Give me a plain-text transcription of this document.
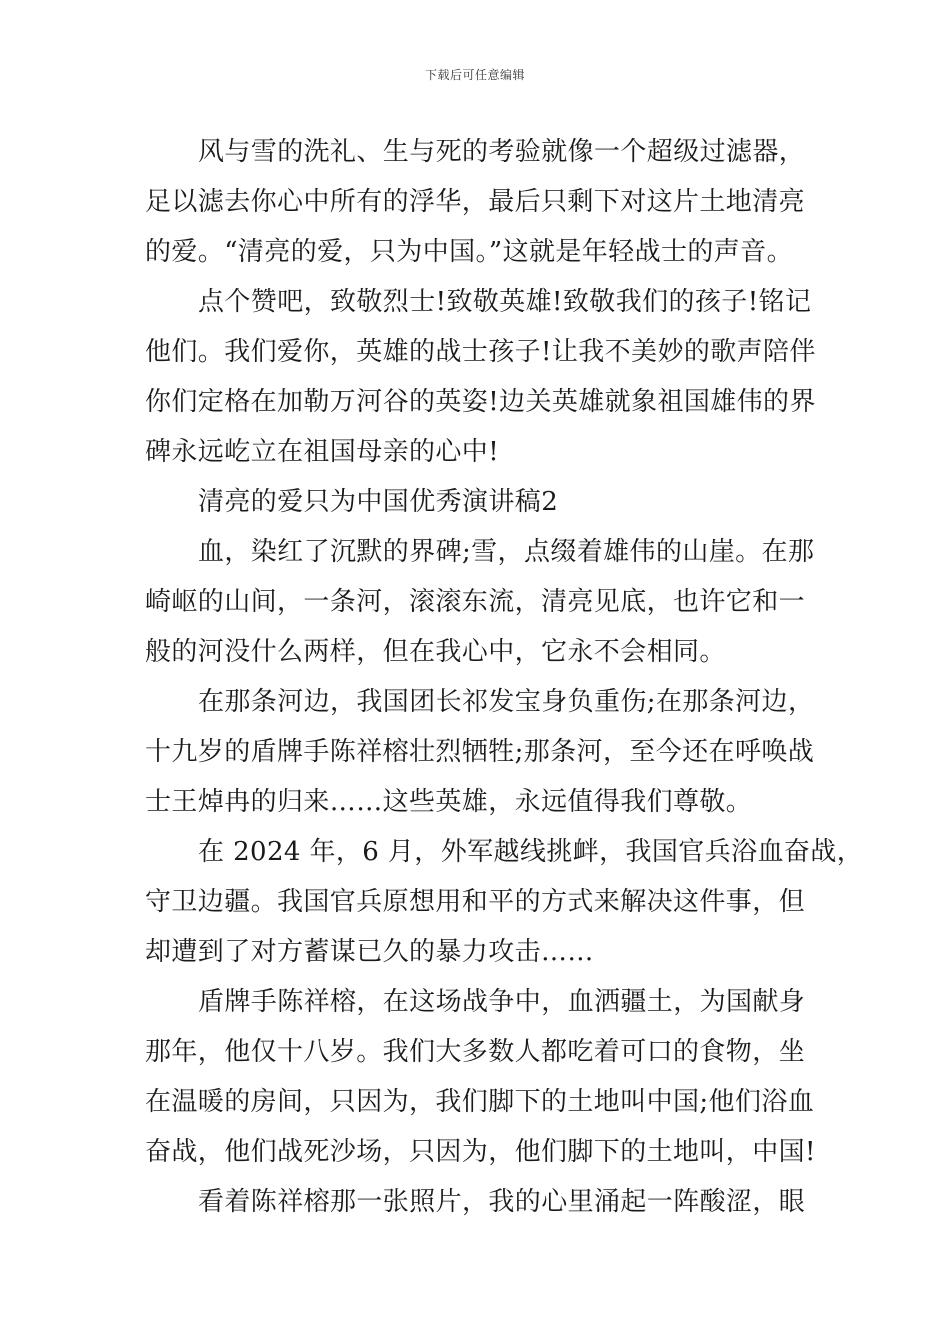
下载后可任意编辑
风与雪的洗礼、生与死的考验就像一个超级过滤器，
足以滤去你心中所有的浮华，最后只剩下对这片土地清亮
的爱。“清亮的爱，只为中国。”这就是年轻战士的声音。
点个赞吧，致敬烈士!致敬英雄!致敬我们的孩子!铭记
他们。我们爱你，英雄的战士孩子!让我不美妙的歌声陪伴
你们定格在加勒万河谷的英姿!边关英雄就象祖国雄伟的界
碑永远屹立在祖国母亲的心中!
清亮的爱只为中国优秀演讲稿2
血，染红了沉默的界碑;雪，点缀着雄伟的山崖。在那
崎岖的山间，一条河，滚滚东流，清亮见底，也许它和一
般的河没什么两样，但在我心中，它永不会相同。
在那条河边，我国团长祁发宝身负重伤;在那条河边，
十九岁的盾牌手陈祥榕壮烈牺牲;那条河，至今还在呼唤战
士王焯冉的归来……这些英雄，永远值得我们尊敬。
在 2024 年，6 月，外军越线挑衅，我国官兵浴血奋战，
守卫边疆。我国官兵原想用和平的方式来解决这件事，但
却遭到了对方蓄谋已久的暴力攻击……
盾牌手陈祥榕，在这场战争中，血洒疆土，为国献身
那年，他仅十八岁。我们大多数人都吃着可口的食物，坐
在温暖的房间，只因为，我们脚下的土地叫中国;他们浴血
奋战，他们战死沙场，只因为，他们脚下的土地叫，中国!
看着陈祥榕那一张照片，我的心里涌起一阵酸涩，眼
